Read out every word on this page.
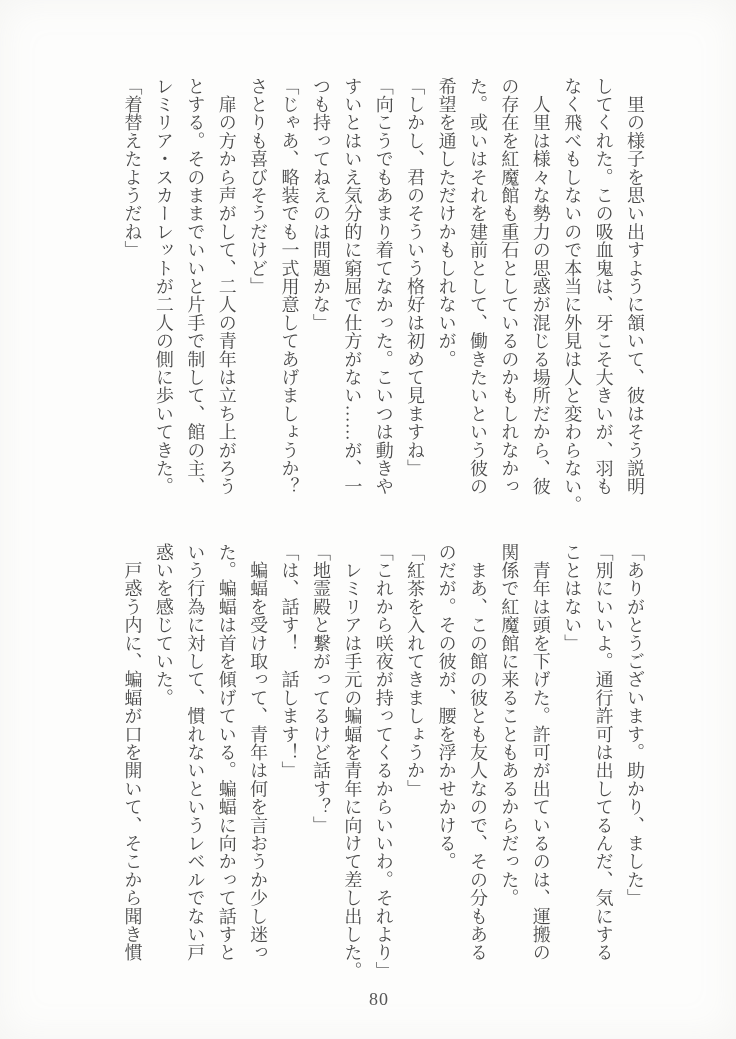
　里の様子を思い出すように頷いて、彼はそう説明
してくれた。この吸血鬼は、牙こそ大きいが、羽も
なく飛べもしないので本当に外見は人と変わらない。
　人里は様々な勢力の思惑が混じる場所だから、彼
の存在を紅魔館も重石としているのかもしれなかっ
た。或いはそれを建前として、働きたいという彼の
希望を通しただけかもしれないが。
「しかし、君のそういう格好は初めて見ますね」
「向こうでもあまり着てなかった。こいつは動きや
すいとはいえ気分的に窮屈で仕方がない……が、一
つも持ってねえのは問題かな」
「じゃあ、略装でも一式用意してあげましょうか？
さとりも喜びそうだけど」
　扉の方から声がして、二人の青年は立ち上がろう
とする。そのままでいいと片手で制して、館の主、
レミリア・スカーレットが二人の側に歩いてきた。
「着替えたようだね」
「ありがとうございます。助かり、ました」
「別にいいよ。通行許可は出してるんだ、気にする
ことはない」
　青年は頭を下げた。許可が出ているのは、運搬の
関係で紅魔館に来ることもあるからだった。
　まあ、この館の彼とも友人なので、その分もある
のだが。その彼が、腰を浮かせかける。
「紅茶を入れてきましょうか」
「これから咲夜が持ってくるからいいわ。それより」
　レミリアは手元の蝙蝠を青年に向けて差し出した。
「地霊殿と繋がってるけど話す？」
「は、話す！　話します！」
　蝙蝠を受け取って、青年は何を言おうか少し迷っ
た。蝙蝠は首を傾げている。蝙蝠に向かって話すと
いう行為に対して、慣れないというレベルでない戸
惑いを感じていた。
　戸惑う内に、蝙蝠が口を開いて、そこから聞き慣
80
